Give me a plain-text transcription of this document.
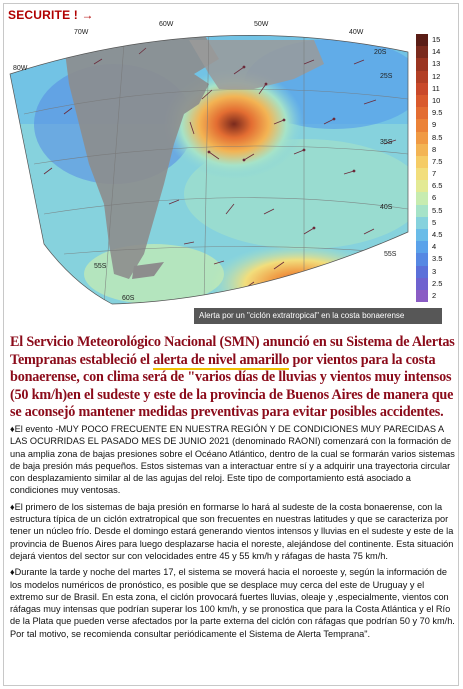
80W
70W
60W	50W
40W
20S
25S
35S
40S
55S
55S
60S
SECURITE ! →
15
14
13
12
11
10
9.5
9
8.5
8
7.5
7
6.5
6
5.5
5
4.5
4
3.5
3
2.5
2
Alerta por un "ciclón extratropical" en la costa bonaerense
El Servicio Meteorológico Nacional (SMN) anunció en su Sistema de Alertas Tempranas estableció el alerta de nivel amarillo por vientos para la costa bonaerense, con clima será de "varios días de lluvias y vientos muy intensos (50 km/h)en el sudeste y este de la provincia de Buenos Aires de manera que se aconsejó mantener medidas preventivas para evitar posibles accidentes.

♦El evento -MUY POCO FRECUENTE EN NUESTRA REGIÓN Y DE CONDICIONES MUY PARECIDAS A LAS OCURRIDAS EL PASADO MES DE JUNIO 2021 (denominado RAONI) comenzará con la formación de una amplia zona de bajas presiones sobre el Océano Atlántico, dentro de la cual se formarán varios sistemas de baja presión más pequeños. Estos sistemas van a interactuar entre sí y a adquirir una trayectoria circular con desplazamiento similar al de las agujas del reloj. Este tipo de comportamiento está asociado a condiciones muy ventosas.

♦El primero de los sistemas de baja presión en formarse lo hará al sudeste de la costa bonaerense, con la estructura típica de un ciclón extratropical que son frecuentes en nuestras latitudes y que se caracteriza por tener un núcleo frío. Desde el domingo estará generando vientos intensos y lluvias en el sudeste y este de la provincia de Buenos Aires para luego desplazarse hacia el noreste, alejándose del continente. Esta situación dejará vientos del sector sur con velocidades entre 45 y 55 km/h y ráfagas de hasta 75 km/h.

♦Durante la tarde y noche del martes 17, el sistema se moverá hacia el noroeste y, según la información de los modelos numéricos de pronóstico, es posible que se desplace muy cerca del este de Uruguay y el extremo sur de Brasil. En esta zona, el ciclón provocará fuertes lluvias, oleaje y ,especialmente, vientos con ráfagas muy intensas que podrían superar los 100 km/h, y se pronostica que para la Costa Atlántica y el Río de la Plata que pueden verse afectados por la parte externa del ciclón con ráfagas que podrían 50 y 70 km/h. Por tal motivo, se recomienda consultar periódicamente el Sistema de Alerta Temprana".
